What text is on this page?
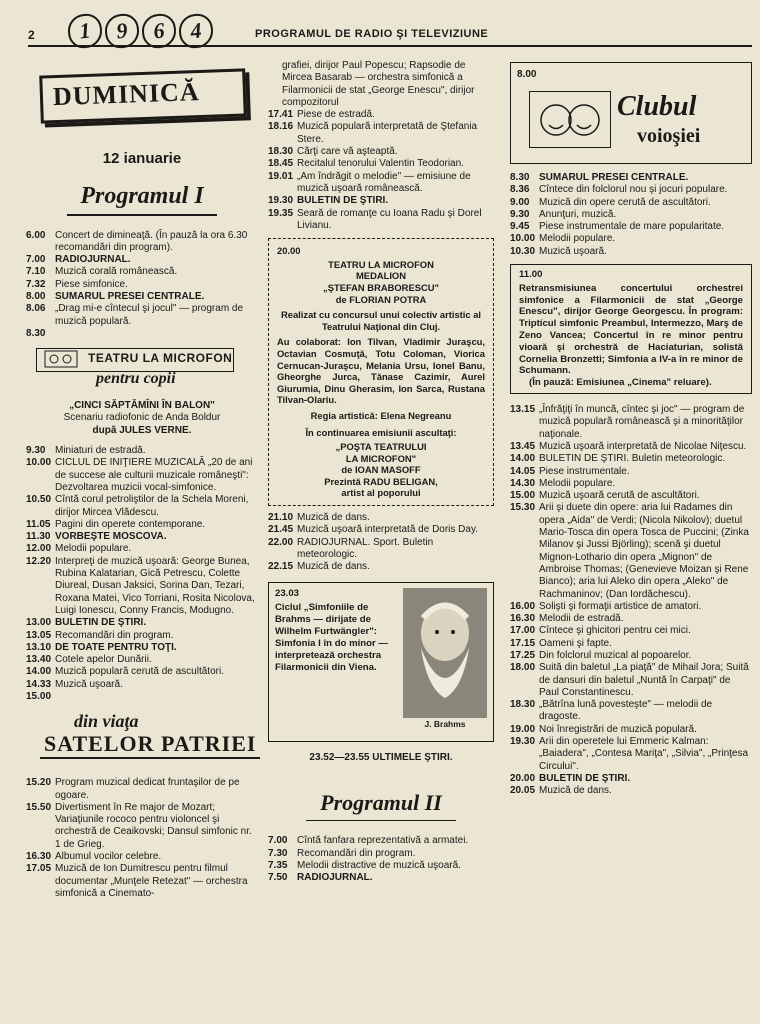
2	1	9	6	4	PROGRAMUL DE RADIO ŞI TELEVIZIUNE
DUMINICĂ
12 ianuarie
Programul I
6.00 Concert de dimineaţă. (În pauză la ora 6.30 recomandări din program).
7.00 RADIOJURNAL.
7.10 Muzică corală românească.
7.32 Piese simfonice.
8.00 SUMARUL PRESEI CENTRALE.
8.06 „Drag mi-e cîntecul şi jocul" — program de muzică populară.
8.30
TEATRU LA MICROFON
pentru copii
„CINCI SĂPTĂMÎNI ÎN BALON"
Scenariu radiofonic de Anda Boldur
după JULES VERNE.
9.30 Miniaturi de estradă.
10.00 CICLUL DE INIŢIERE MUZICALĂ „20 de ani de succese ale culturii muzicale româneşti": Dezvoltarea muzicii vocal-simfonice.
10.50 Cîntă corul petroliştilor de la Schela Moreni, dirijor Mircea Vlădescu.
11.05 Pagini din operete contemporane.
11.30 VORBEŞTE MOSCOVA.
12.00 Melodii populare.
12.20 Interpreţi de muzică uşoară: George Bunea, Rubina Kalatarian, Gică Petrescu, Colette Diureal, Dusan Jaksici, Sorina Dan, Tezari, Roxana Matei, Vico Torriani, Rosita Nicolova, Luigi Ionescu, Conny Francis, Modugno.
13.00 BULETIN DE ŞTIRI.
13.05 Recomandări din program.
13.10 DE TOATE PENTRU TOŢI.
13.40 Cotele apelor Dunării.
14.00 Muzică populară cerută de ascultători.
14.33 Muzică uşoară.
15.00
din viaţa
SATELOR PATRIEI
15.20 Program muzical dedicat fruntaşilor de pe ogoare.
15.50 Divertisment în Re major de Mozart; Variaţiunile rococo pentru violoncel şi orchestră de Ceaikovski; Dansul simfonic nr. 1 de Grieg.
16.30 Albumul vocilor celebre.
17.05 Muzică de Ion Dumitrescu pentru filmul documentar „Munţele Retezat" — orchestra simfonică a Cinemato-
grafiei, dirijor Paul Popescu; Rapsodie de Mircea Basarab — orchestra simfonică a Filarmonicii de stat „George Enescu", dirijor compozitorul
17.41 Piese de estradă.
18.16 Muzică populară interpretată de Ştefania Stere.
18.30 Cărţi care vă aşteaptă.
18.45 Recitalul tenorului Valentin Teodorian.
19.01 „Am îndrăgit o melodie" — emisiune de muzică uşoară românească.
19.30 BULETIN DE ŞTIRI.
19.35 Seară de romanţe cu Ioana Radu şi Dorel Livianu.
20.00
TEATRU LA MICROFON
MEDALION
„ŞTEFAN BRABORESCU"
de FLORIAN POTRA
Realizat cu concursul unui colectiv artistic al Teatrului Naţional din Cluj.
Au colaborat: Ion Tilvan, Vladimir Juraşcu, Octavian Cosmuţă, Totu Coloman, Viorica Cernucan-Juraşcu, Melania Ursu, Ionel Banu, Gheorghe Jurca, Tănase Cazimir, Aurel Giurumia, Dinu Gherasim, Ion Sarca, Rustana Tilvan-Olariu.
Regia artistică: Elena Negreanu
În continuarea emisiunii ascultaţi:
„POŞTA TEATRULUI
LA MICROFON"
de IOAN MASOFF
Prezintă RADU BELIGAN,
artist al poporului
21.10 Muzică de dans.
21.45 Muzică uşoară interpretată de Doris Day.
22.00 RADIOJURNAL. Sport. Buletin meteorologic.
22.15 Muzică de dans.
23.03
Ciclul „Simfoniile de Brahms — dirijate de Wilhelm Furtwängler": Simfonia I în do minor — interpretează orchestra Filarmonicii din Viena.
J. Brahms
23.52—23.55 ULTIMELE ŞTIRI.
Programul II
7.00 Cîntă fanfara reprezentativă a armatei.
7.30 Recomandări din program.
7.35 Melodii distractive de muzică uşoară.
7.50 RADIOJURNAL.
8.00
Clubul
voioşiei
8.30 SUMARUL PRESEI CENTRALE.
8.36 Cîntece din folclorul nou şi jocuri populare.
9.00 Muzică din opere cerută de ascultători.
9.30 Anunţuri, muzică.
9.45 Piese instrumentale de mare popularitate.
10.00 Melodii populare.
10.30 Muzică uşoară.
11.00
Retransmisiunea concertului orchestrei simfonice a Filarmonicii de stat „George Enescu", dirijor George Georgescu. În program: Triptícul simfonic Preambul, Intermezzo, Marş de Zeno Vancea; Concertul în re minor pentru vioară şi orchestră de Haciaturian, solistă Cornelia Bronzetti; Simfonia a IV-a în re minor de Schumann.
(În pauză: Emisiunea „Cinema" reluare).
13.15 „Înfrăţiţi în muncă, cîntec şi joc" — program de muzică populară românească şi a minorităţilor naţionale.
13.45 Muzică uşoară interpretată de Nicolae Niţescu.
14.00 BULETIN DE ŞTIRI. Buletin meteorologic.
14.05 Piese instrumentale.
14.30 Melodii populare.
15.00 Muzică uşoară cerută de ascultători.
15.30 Arii şi duete din opere: aria lui Radames din opera „Aida" de Verdi; (Nicola Nikolov); duetul Mario-Tosca din opera Tosca de Puccini; (Zinka Milanov şi Jussi Björling); scenă şi duetul Mignon-Lothario din opera „Mignon" de Ambroise Thomas; (Genevieve Moizan şi Rene Bianco); aria lui Aleko din opera „Aleko" de Rachmaninov; (Dan Iordăchescu).
16.00 Solişti şi formaţii artistice de amatori.
16.30 Melodii de estradă.
17.00 Cîntece şi ghicitori pentru cei mici.
17.15 Oameni şi fapte.
17.25 Din folclorul muzical al popoarelor.
18.00 Suită din baletul „La piaţă" de Mihail Jora; Suită de dansuri din baletul „Nuntă în Carpaţi" de Paul Constantinescu.
18.30 „Bătrîna lună povesteşte" — melodii de dragoste.
19.00 Noi înregistrări de muzică populară.
19.30 Arii din operetele lui Emmeric Kalman: „Baiadera", „Contesa Mariţa", „Silvia", „Prinţesa Circului".
20.00 BULETIN DE ŞTIRI.
20.05 Muzică de dans.
